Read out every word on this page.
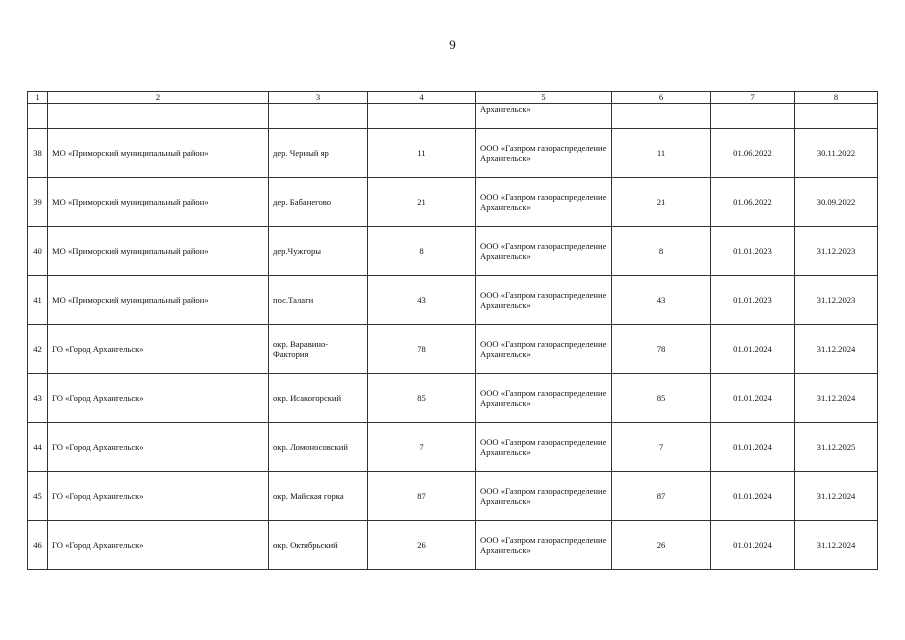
9
1	2	3	4	5	6	7	8
				Архангельск»			
38	МО «Приморский муниципальный район»	дер. Черный яр	11	ООО «Газпром газораспределение Архангельск»	11	01.06.2022	30.11.2022
39	МО «Приморский муниципальный район»	дер. Бабанегово	21	ООО «Газпром газораспределение Архангельск»	21	01.06.2022	30.09.2022
40	МО «Приморский муниципальный район»	дер.Чужгоры	8	ООО «Газпром газораспределение Архангельск»	8	01.01.2023	31.12.2023
41	МО «Приморский муниципальный район»	пос.Талаги	43	ООО «Газпром газораспределение Архангельск»	43	01.01.2023	31.12.2023
42	ГО «Город Архангельск»	окр. Варавино-Фактория	78	ООО «Газпром газораспределение Архангельск»	78	01.01.2024	31.12.2024
43	ГО «Город Архангельск»	окр. Исакогорский	85	ООО «Газпром газораспределение Архангельск»	85	01.01.2024	31.12.2024
44	ГО «Город Архангельск»	окр. Ломоносовский	7	ООО «Газпром газораспределение Архангельск»	7	01.01.2024	31.12.2025
45	ГО «Город Архангельск»	окр. Майская горка	87	ООО «Газпром газораспределение Архангельск»	87	01.01.2024	31.12.2024
46	ГО «Город Архангельск»	окр. Октябрьский	26	ООО «Газпром газораспределение Архангельск»	26	01.01.2024	31.12.2024
